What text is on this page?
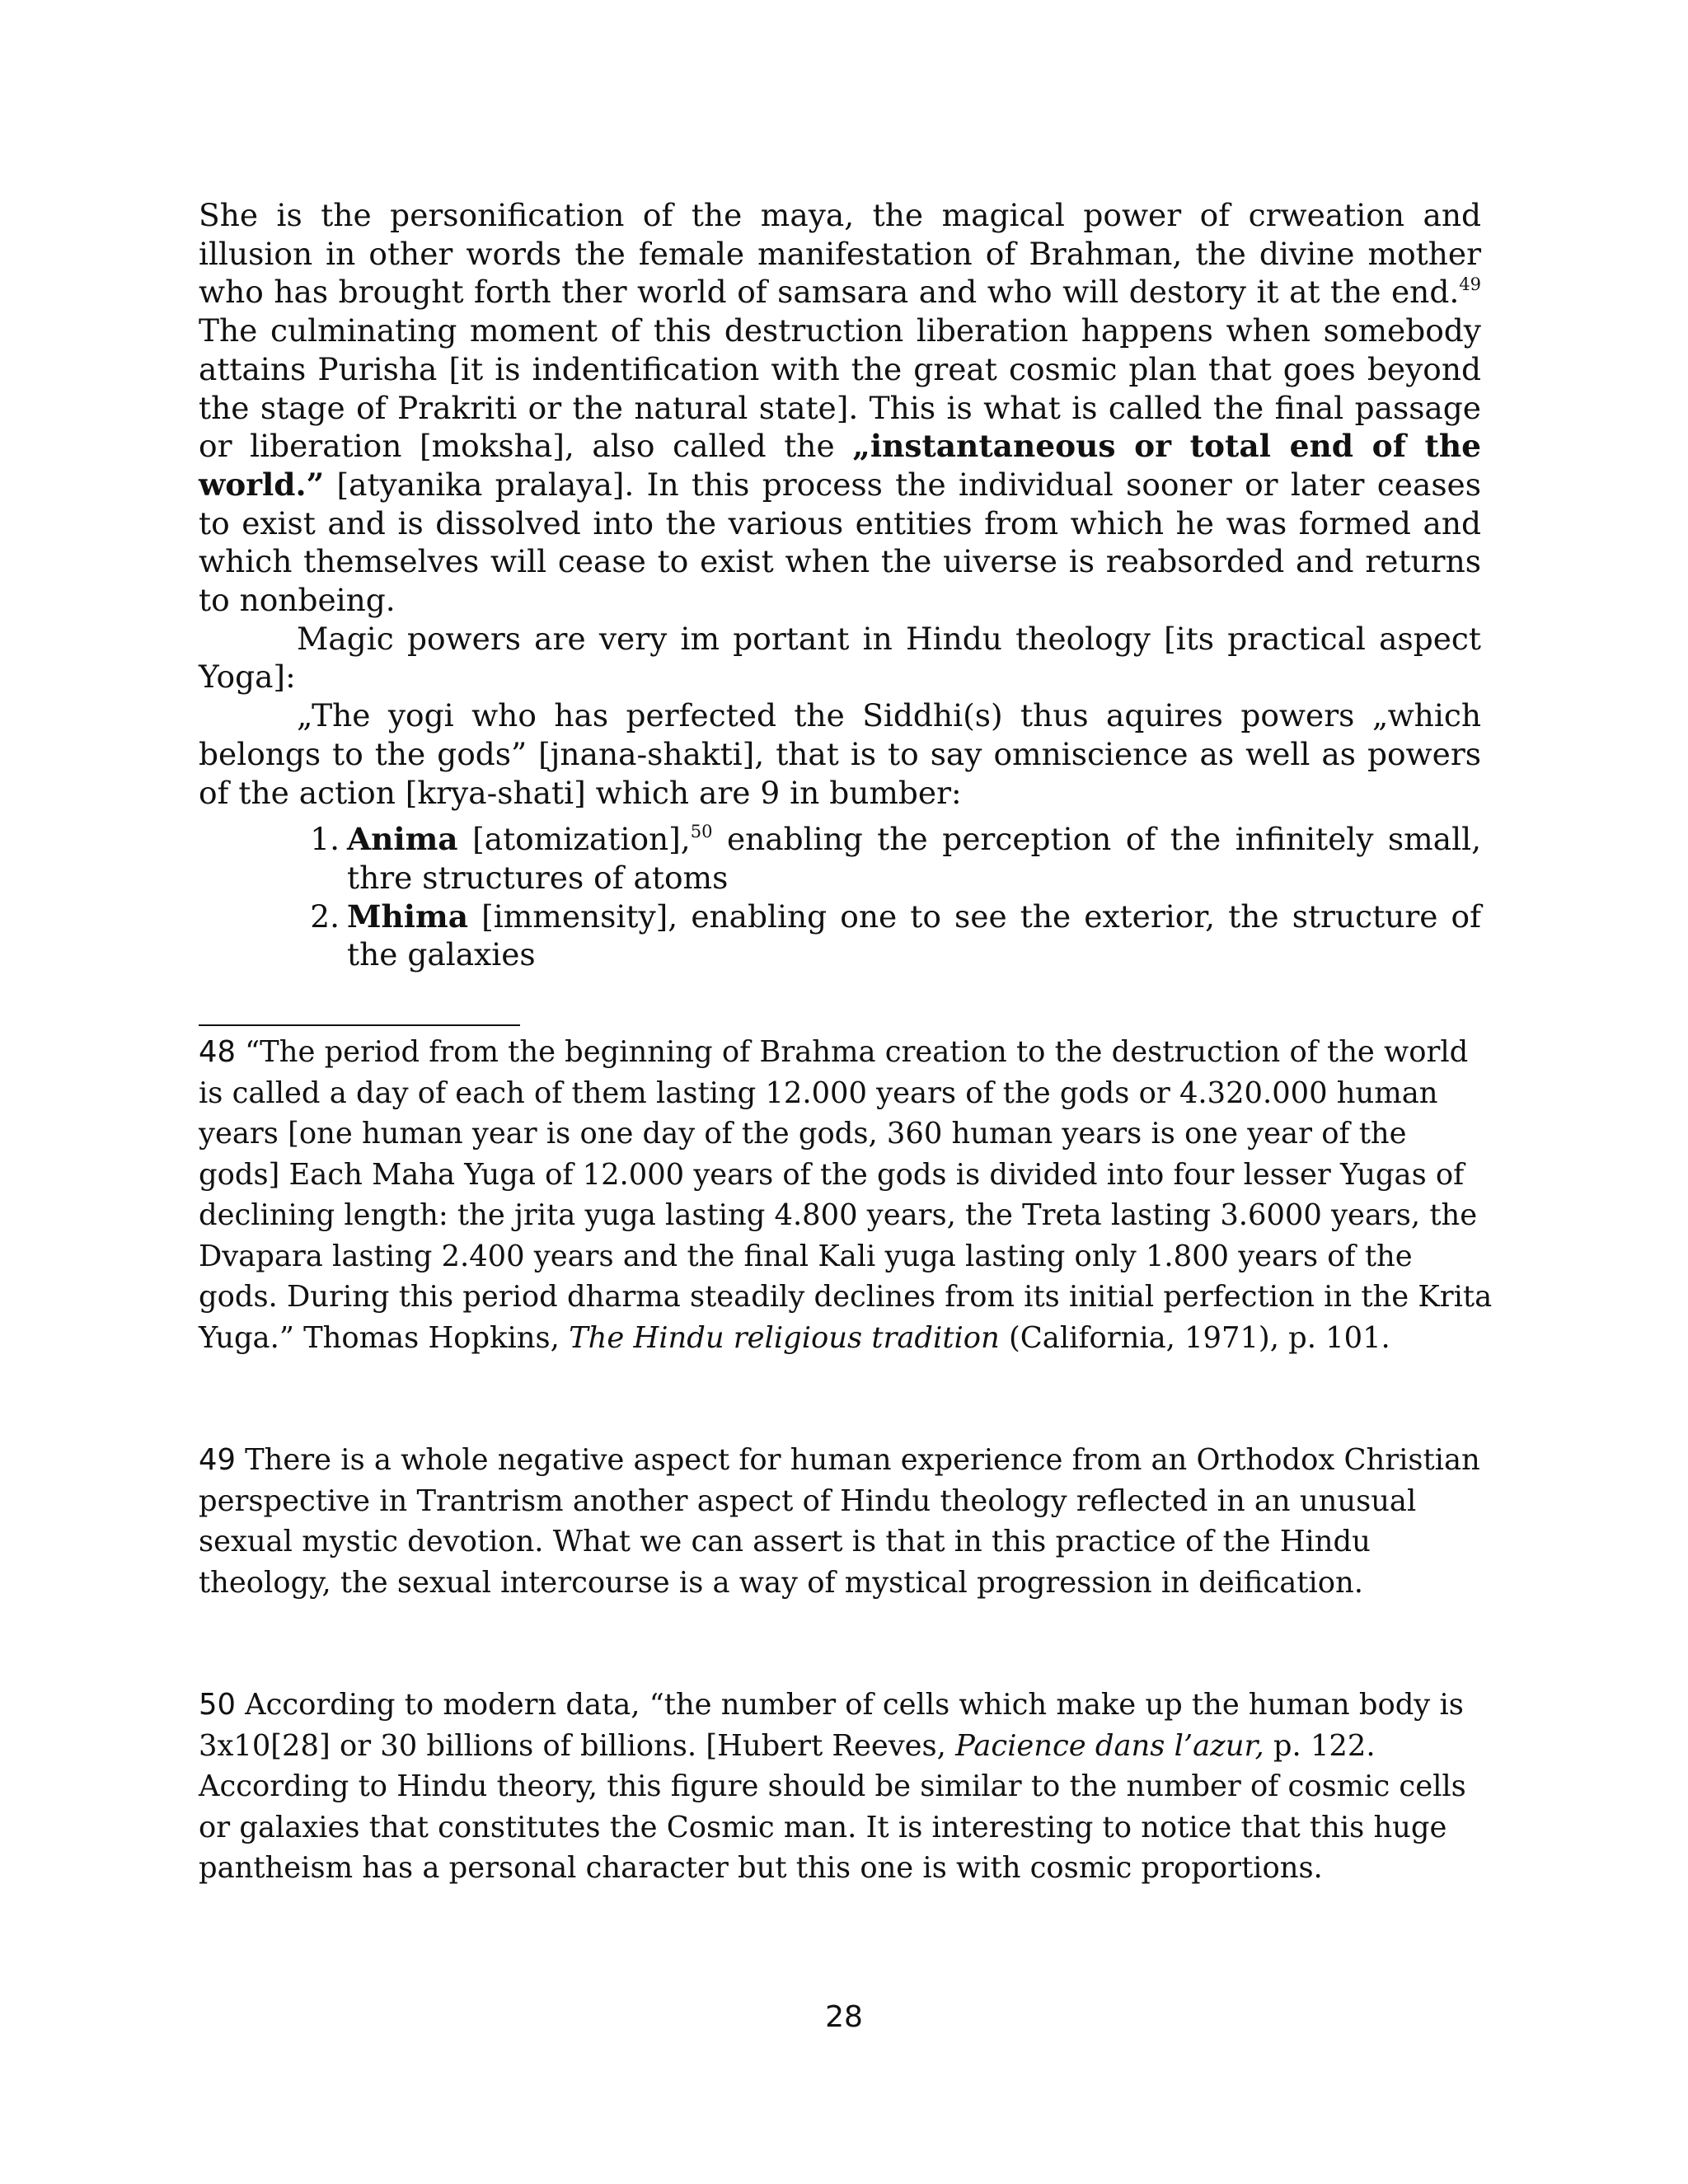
She is the personification of the maya, the magical power of crweation and illusion in other words the female manifestation of Brahman, the divine mother who has brought forth ther world of samsara and who will destory it at the end.$^{49}$ The culminating moment of this destruction liberation happens when somebody attains Purisha [it is indentification with the great cosmic plan that goes beyond the stage of Prakriti or the natural state]. This is what is called the final passage or liberation [moksha], also called the „instantaneous or total end of the world.” [atyanika pralaya]. In this process the individual sooner or later ceases to exist and is dissolved into the various entities from which he was formed and which themselves will cease to exist when the uiverse is reabsorded and returns to nonbeing.

Magic powers are very im portant in Hindu theology [its practical aspect Yoga]:

„The yogi who has perfected the Siddhi(s) thus aquires powers „which belongs to the gods” [jnana-shakti], that is to say omniscience as well as powers of the action [krya-shati] which are 9 in bumber:

1. Anima [atomization],$^{50}$ enabling the perception of the infinitely small, thre structures of atoms
2. Mhima [immensity], enabling one to see the exterior, the structure of the galaxies

48 “The period from the beginning of Brahma creation to the destruction of the world is called a day of each of them lasting 12.000 years of the gods or 4.320.000 human years [one human year is one day of the gods, 360 human years is one year of the gods] Each Maha Yuga of 12.000 years of the gods is divided into four lesser Yugas of declining length: the jrita yuga lasting 4.800 years, the Treta lasting 3.6000 years, the Dvapara lasting 2.400 years and the final Kali yuga lasting only 1.800 years of the gods. During this period dharma steadily declines from its initial perfection in the Krita Yuga.” Thomas Hopkins, The Hindu religious tradition (California, 1971), p. 101.

49 There is a whole negative aspect for human experience from an Orthodox Christian perspective in Trantrism another aspect of Hindu theology reflected in an unusual sexual mystic devotion. What we can assert is that in this practice of the Hindu theology, the sexual intercourse is a way of mystical progression in deification.

50 According to modern data, “the number of cells which make up the human body is 3x10[28] or 30 billions of billions. [Hubert Reeves, Pacience dans l’azur, p. 122. According to Hindu theory, this figure should be similar to the number of cosmic cells or galaxies that constitutes the Cosmic man. It is interesting to notice that this huge pantheism has a personal character but this one is with cosmic proportions.

28
